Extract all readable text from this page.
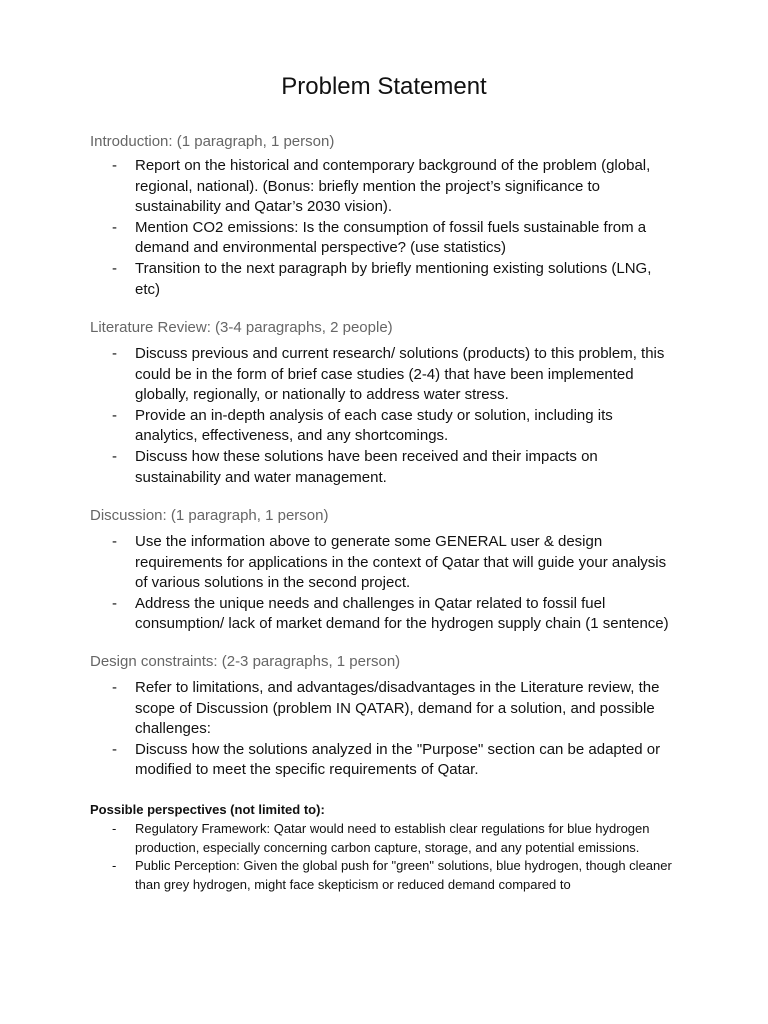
Problem Statement
Introduction: (1 paragraph, 1 person)
- Report on the historical and contemporary background of the problem (global, regional, national). (Bonus: briefly mention the project’s significance to sustainability and Qatar’s 2030 vision).
- Mention CO2 emissions: Is the consumption of fossil fuels sustainable from a demand and environmental perspective? (use statistics)
- Transition to the next paragraph by briefly mentioning existing solutions (LNG, etc)
Literature Review: (3-4 paragraphs, 2 people)
- Discuss previous and current research/ solutions (products) to this problem, this could be in the form of brief case studies (2-4) that have been implemented globally, regionally, or nationally to address water stress.
- Provide an in-depth analysis of each case study or solution, including its analytics, effectiveness, and any shortcomings.
- Discuss how these solutions have been received and their impacts on sustainability and water management.
Discussion: (1 paragraph, 1 person)
- Use the information above to generate some GENERAL user & design requirements for applications in the context of Qatar that will guide your analysis of various solutions in the second project.
- Address the unique needs and challenges in Qatar related to fossil fuel consumption/ lack of market demand for the hydrogen supply chain (1 sentence)
Design constraints: (2-3 paragraphs, 1 person)
- Refer to limitations, and advantages/disadvantages in the Literature review, the scope of Discussion (problem IN QATAR), demand for a solution, and possible challenges:
- Discuss how the solutions analyzed in the "Purpose" section can be adapted or modified to meet the specific requirements of Qatar.
Possible perspectives (not limited to):
- Regulatory Framework: Qatar would need to establish clear regulations for blue hydrogen production, especially concerning carbon capture, storage, and any potential emissions.
- Public Perception: Given the global push for "green" solutions, blue hydrogen, though cleaner than grey hydrogen, might face skepticism or reduced demand compared to
